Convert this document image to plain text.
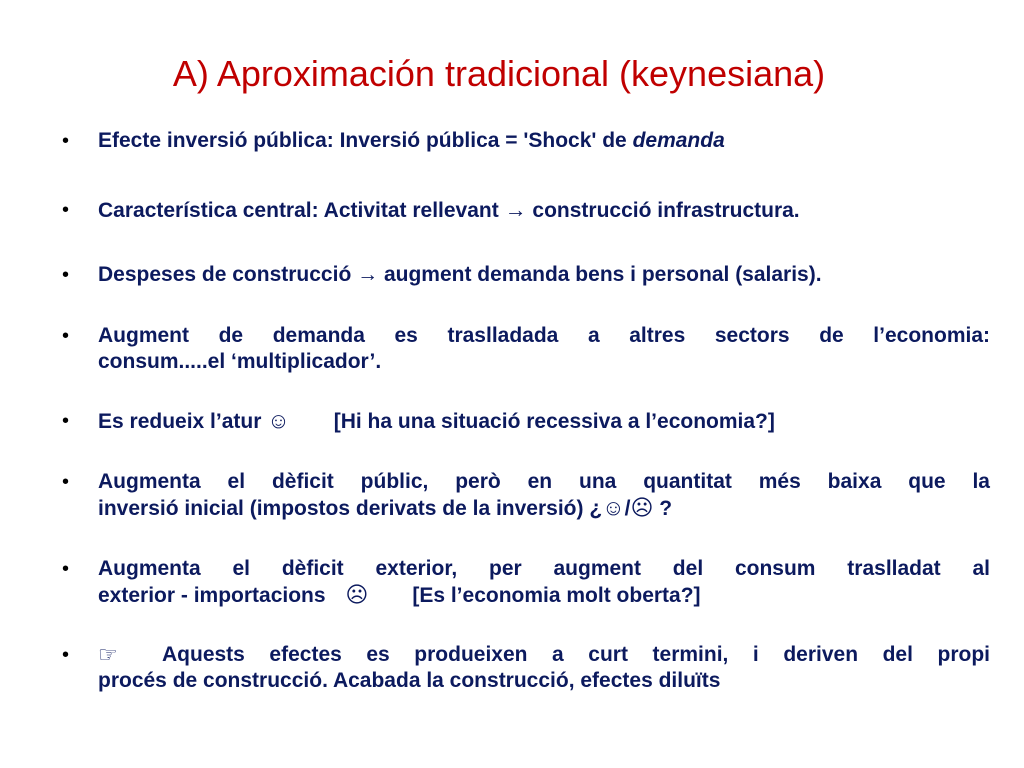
A) Aproximación tradicional (keynesiana)
• Efecte inversió pública: Inversió pública = 'Shock' de demanda
• Característica central: Activitat rellevant → construcció infrastructura.
• Despeses de construcció → augment demanda bens i personal (salaris).
• Augment de demanda es traslladada a altres sectors de l’economia:
consum.....el ‘multiplicador’.
• Es redueix l’atur ☺ [Hi ha una situació recessiva a l’economia?]
• Augmenta el dèficit públic, però en una quantitat més baixa que la
inversió inicial (impostos derivats de la inversió) ¿☺/☹ ?
• Augmenta el dèficit exterior, per augment del consum traslladat al
exterior - importacions ☹ [Es l’economia molt oberta?]
• ☞	Aquests efectes es produeixen a curt termini, i deriven del propi
procés de construcció. Acabada la construcció, efectes diluïts
